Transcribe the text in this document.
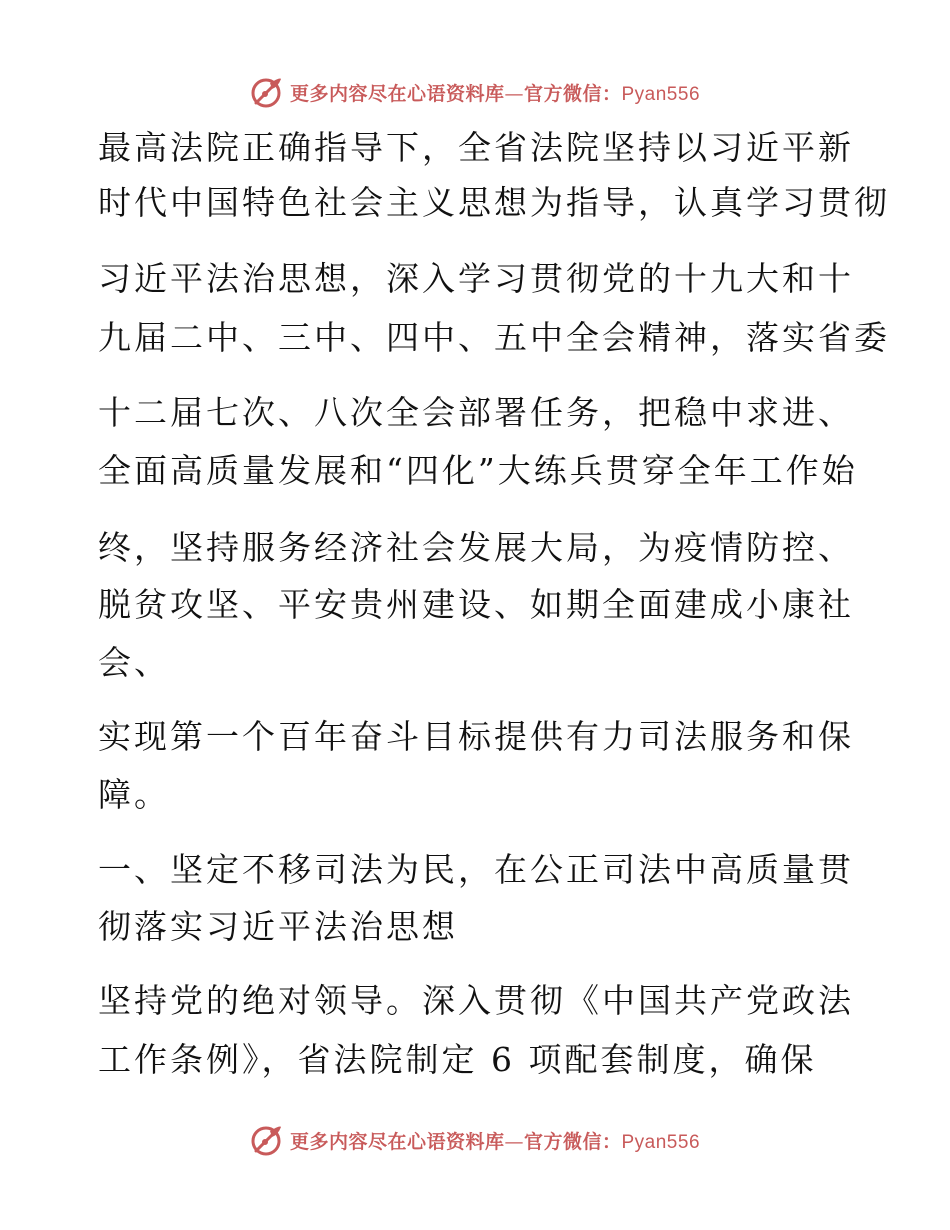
更多内容尽在心语资料库—官方微信：Pyan556
最高法院正确指导下，全省法院坚持以习近平新
时代中国特色社会主义思想为指导，认真学习贯彻
习近平法治思想，深入学习贯彻党的十九大和十
九届二中、三中、四中、五中全会精神，落实省委
十二届七次、八次全会部署任务，把稳中求进、
全面高质量发展和“四化”大练兵贯穿全年工作始
终，坚持服务经济社会发展大局，为疫情防控、
脱贫攻坚、平安贵州建设、如期全面建成小康社
会、
实现第一个百年奋斗目标提供有力司法服务和保
障。
一、坚定不移司法为民，在公正司法中高质量贯
彻落实习近平法治思想
坚持党的绝对领导。深入贯彻《中国共产党政法
工作条例》，省法院制定 6 项配套制度，确保
更多内容尽在心语资料库—官方微信：Pyan556
